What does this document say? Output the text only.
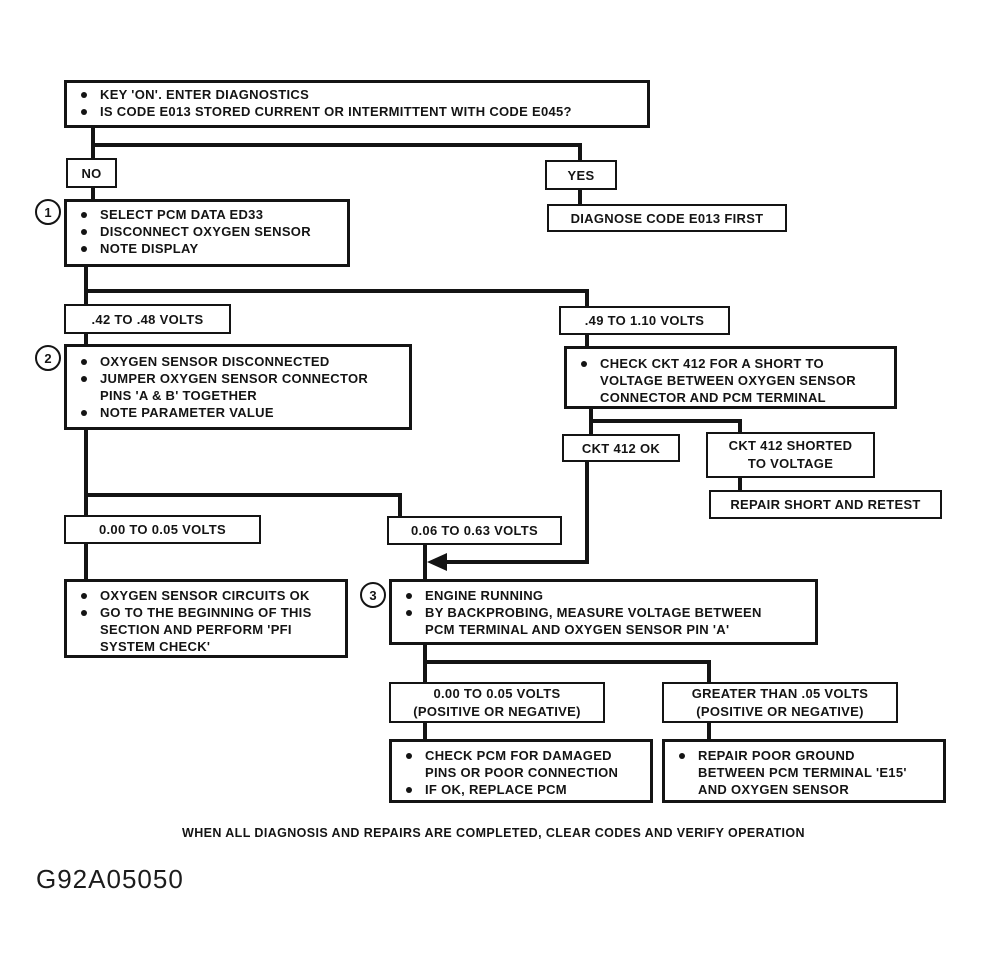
KEY 'ON'. ENTER DIAGNOSTICS
IS CODE E013 STORED CURRENT OR INTERMITTENT WITH CODE E045?
NO	YES
1	SELECT PCM DATA ED33
DISCONNECT OXYGEN SENSOR
NOTE DISPLAY
DIAGNOSE CODE E013 FIRST
.42 TO .48 VOLTS	.49 TO 1.10 VOLTS
2	OXYGEN SENSOR DISCONNECTED
JUMPER OXYGEN SENSOR CONNECTOR PINS 'A & B' TOGETHER
NOTE PARAMETER VALUE
CHECK CKT 412 FOR A SHORT TO VOLTAGE BETWEEN OXYGEN SENSOR CONNECTOR AND PCM TERMINAL
CKT 412 OK	CKT 412 SHORTED
TO VOLTAGE
REPAIR SHORT AND RETEST
0.00 TO 0.05 VOLTS	0.06 TO 0.63 VOLTS
OXYGEN SENSOR CIRCUITS OK
GO TO THE BEGINNING OF THIS SECTION AND PERFORM 'PFI SYSTEM CHECK'
3	ENGINE RUNNING
BY BACKPROBING, MEASURE VOLTAGE BETWEEN PCM TERMINAL AND OXYGEN SENSOR PIN 'A'
0.00 TO 0.05 VOLTS
(POSITIVE OR NEGATIVE)
GREATER THAN .05 VOLTS
(POSITIVE OR NEGATIVE)
CHECK PCM FOR DAMAGED PINS OR POOR CONNECTION
IF OK, REPLACE PCM
REPAIR POOR GROUND BETWEEN PCM TERMINAL 'E15' AND OXYGEN SENSOR
WHEN ALL DIAGNOSIS AND REPAIRS ARE COMPLETED, CLEAR CODES AND VERIFY OPERATION
G92A05050
